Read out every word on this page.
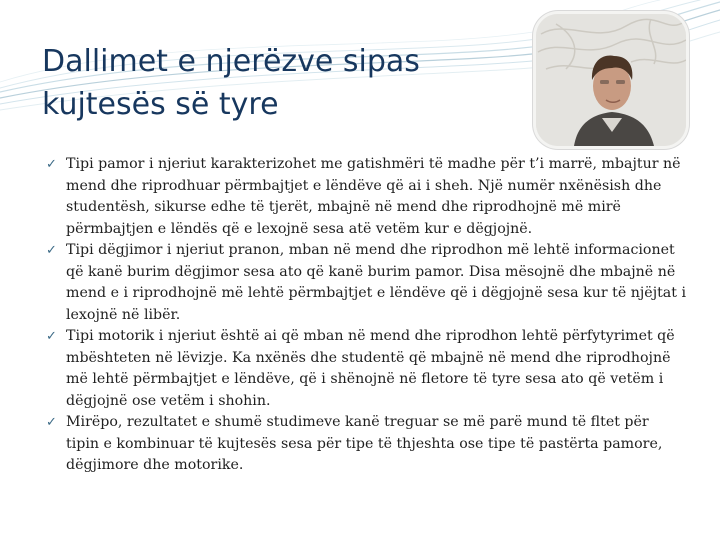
Dallimet e njerëzve sipas
kujtesës së tyre
✓ Tipi pamor i njeriut karakterizohet me gatishmëri të madhe për t’i marrë, mbajtur në mend dhe riprodhuar përmbajtjet e lëndëve që ai i sheh. Një numër nxënësish dhe studentësh, sikurse edhe të tjerët, mbajnë në mend dhe riprodhojnë më mirë përmbajtjen e lëndës që e lexojnë sesa atë vetëm kur e dëgjojnë.
✓ Tipi dëgjimor i njeriut pranon, mban në mend dhe riprodhon më lehtë informacionet që kanë burim dëgjimor sesa ato që kanë burim pamor. Disa mësojnë dhe mbajnë në mend e i riprodhojnë më lehtë përmbajtjet e lëndëve që i dëgjojnë sesa kur të njëjtat i lexojnë në libër.
✓ Tipi motorik i njeriut është ai që mban në mend dhe riprodhon lehtë përfytyrimet që mbështeten në lëvizje. Ka nxënës dhe studentë që mbajnë në mend dhe riprodhojnë më lehtë përmbajtjet e lëndëve, që i shënojnë në fletore të tyre sesa ato që vetëm i dëgjojnë ose vetëm i shohin.
✓ Mirëpo, rezultatet e shumë studimeve kanë treguar se më parë mund të fltet për tipin e kombinuar të kujtesës sesa për tipe të thjeshta ose tipe të pastërta pamore, dëgjimore dhe motorike.
